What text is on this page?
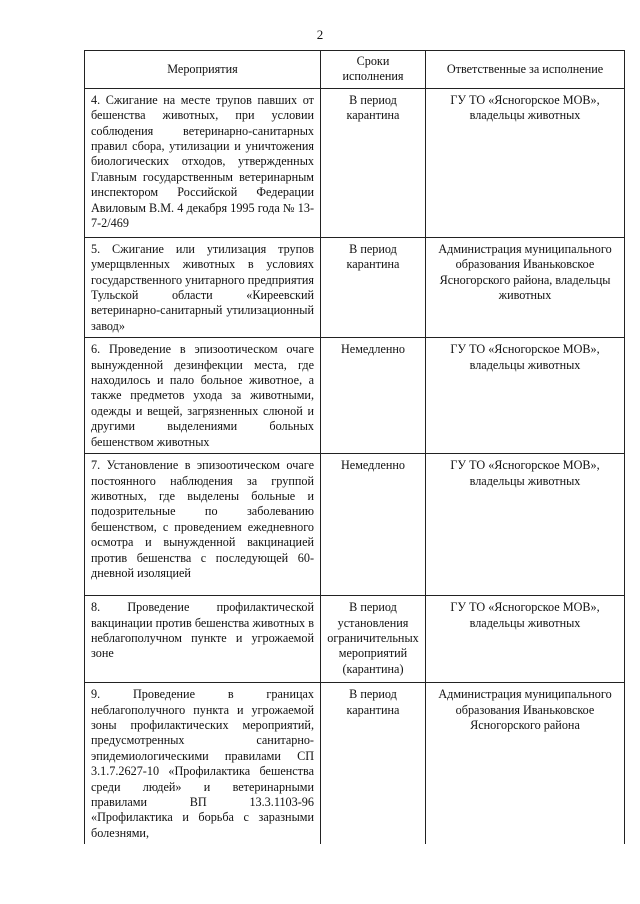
2
Мероприятия	Сроки исполнения	Ответственные за исполнение
4. Сжигание на месте трупов павших от бешенства животных, при условии соблюдения ветеринарно-санитарных правил сбора, утилизации и уничтожения биологических отходов, утвержденных Главным государственным ветеринарным инспектором Российской Федерации Авиловым В.М. 4 декабря 1995 года № 13-7-2/469	В период карантина	ГУ ТО «Ясногорское МОВ», владельцы животных
5. Сжигание или утилизация трупов умерщвленных животных в условиях государственного унитарного предприятия Тульской области «Киреевский ветеринарно-санитарный утилизационный завод»	В период карантина	Администрация муниципального образования Иваньковское Ясногорского района, владельцы животных
6. Проведение в эпизоотическом очаге вынужденной дезинфекции места, где находилось и пало больное животное, а также предметов ухода за животными, одежды и вещей, загрязненных слюной и другими выделениями больных бешенством животных	Немедленно	ГУ ТО «Ясногорское МОВ», владельцы животных
7. Установление в эпизоотическом очаге постоянного наблюдения за группой животных, где выделены больные и подозрительные по заболеванию бешенством, с проведением ежедневного осмотра и вынужденной вакцинацией против бешенства с последующей 60-дневной изоляцией	Немедленно	ГУ ТО «Ясногорское МОВ», владельцы животных
8. Проведение профилактической вакцинации против бешенства животных в неблагополучном пункте и угрожаемой зоне	В период установления ограничительных мероприятий (карантина)	ГУ ТО «Ясногорское МОВ», владельцы животных
9. Проведение в границах неблагополучного пункта и угрожаемой зоны профилактических мероприятий, предусмотренных санитарно-эпидемиологическими правилами СП 3.1.7.2627-10 «Профилактика бешенства среди людей» и ветеринарными правилами ВП 13.3.1103-96 «Профилактика и борьба с заразными болезнями,	В период карантина	Администрация муниципального образования Иваньковское Ясногорского района
